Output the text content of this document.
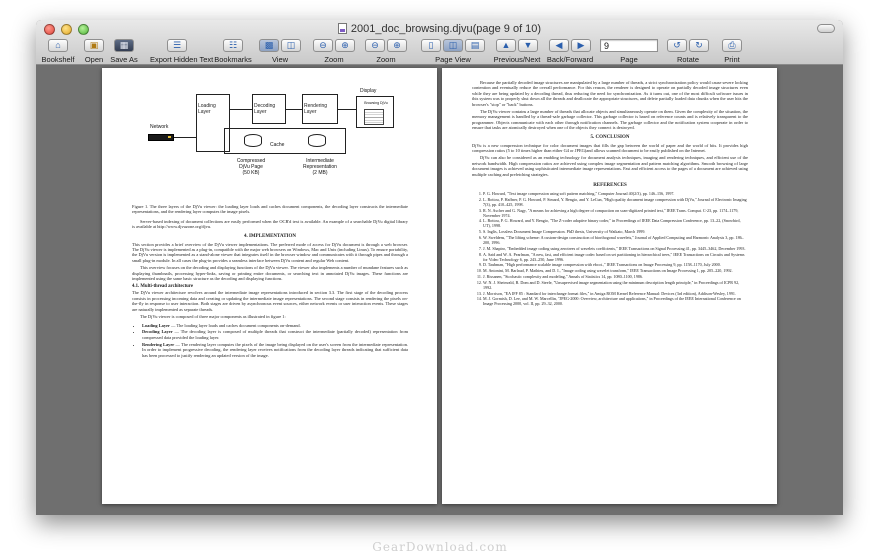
2001_doc_browsing.djvu(page 9 of 10)
⌂
Bookshelf
▣
Open
▦
Save As
☰
Export Hidden Text
☷
Bookmarks
▩	◫
View
⊖	⊕
Zoom
⊖	⊕
Zoom
▯	◫	▤
Page View
▲	▼
Previous/Next
◀	▶
Back/Forward
9	Page
↺	↻
Rotate
⎙
Print
Network
Loading
Layer
Decoding
Layer
Rendering
Layer
Cache
Display
Browsing DjVu
Compressed
DjVu Page
(50 KB)
Intermediate
Representation
(2 MB)

Figure 1. The three layers of the DjVu viewer: the loading layer loads and caches document components, the decoding layer constructs the intermediate representations, and the rendering layer computes the image pixels.

Server-based indexing of document collections are easily performed when the OCR'd text is available. An example of a searchable DjVu digital library is available at http://www.djvuzone.org/djvu.

4. IMPLEMENTATION

This section provides a brief overview of the DjVu viewer implementations. The preferred mode of access for DjVu document is through a web browser. The DjVu viewer is implemented as a plug-in, compatible with the major web browsers on Windows, Mac and Unix (including Linux). To ensure portability, the DjVu version is implemented as a stand-alone viewer that integrates itself in the browser window and communicates with it through pipes and through a small plug-in module. In all cases the plug-in provides a seamless interface between DjVu content and regular Web content.

This overview focuses on the decoding and displaying functions of the DjVu viewer. The viewer also implements a number of mundane features such as displaying thumbnails, processing hyper-links, saving or printing entire documents, or searching text in annotated DjVu images. These functions are implemented using the same basic structure as the decoding and displaying functions.

4.1. Multi-thread architecture

The DjVu viewer architecture revolves around the intermediate image representations introduced in section 3.3. The first stage of the decoding process consists in processing incoming data and creating or updating the intermediate image representations. The second stage consists in rendering the pixels on-the-fly in response to user interaction. Both stages are driven by asynchronous event sources, either network events or user interaction events. These stages are naturally implemented as separate threads.

The DjVu viewer is composed of three major components as illustrated in figure 1:

• Loading Layer — The loading layer loads and caches document components on-demand.
• Decoding Layer — The decoding layer is composed of multiple threads that construct the intermediate (partially decoded) representation from compressed data provided the loading layer.
• Rendering Layer — The rendering layer computes the pixels of the image being displayed on the user's screen from the intermediate representation. In order to implement progressive decoding, the rendering layer receives notifications from the decoding layer threads indicating that sufficient data has been processed to justify rendering an updated version of the image.

Because the partially decoded image structures are manipulated by a large number of threads, a strict synchronization policy would cause severe locking contention and eventually reduce the overall performance. For this reason, the renderer is designed to operate on partially decoded image structures even while they are being updated by a decoding thread, thus reducing the need for synchronization. As it turns out, one of the most difficult software issues in this system was to properly shut down all the threads and deallocate the appropriate structures, and delete partially loaded data chunks when the user hits the browser's "stop" or "back" buttons.

The DjVu viewer contains a large number of threads that allocate objects and simultaneously operate on them. Given the complexity of the situation, the memory management is handled by a thread-safe garbage collector. This garbage collector is based on reference counts and is relatively transparent to the programmer. Objects communicate with each other through notification channels. The garbage collector and the notification system cooperate in order to ensure that tasks are atomically destroyed when one of the objects they connect is destroyed.

5. CONCLUSION

DjVu is a new compression technique for color document images that fills the gap between the world of paper and the world of bits. It provides high compression ratios (5 to 10 times higher than either G4 or JPEG)and allows scanned document to be easily published on the Internet.

DjVu can also be considered as an enabling technology for document analysis techniques, imaging and rendering techniques, and efficient use of the network bandwidth. High compression ratios are achieved using complex image segmentation and pattern matching algorithms. Smooth browsing of large document images is achieved using sophisticated intermediate image representations. Fast and efficient access to the pages of a document are achieved using multiple caching and prefetching strategies.

REFERENCES
1. P. G. Howard, "Text image compression using soft pattern matching," Computer Journal 40(2/3), pp. 146–156, 1997.
2. L. Bottou, P. Haffner, P. G. Howard, P. Simard, Y. Bengio, and Y. LeCun, "High quality document image compression with DjVu," Journal of Electronic Imaging 7(3), pp. 410–425, 1998.
3. R. N. Ascher and G. Nagy, "A means for achieving a high degree of compaction on scan-digitized printed text," IEEE Trans. Comput. C-23, pp. 1174–1179, November 1974.
4. L. Bottou, P. G. Howard, and Y. Bengio, "The Z-coder adaptive binary coder," in Proceedings of IEEE Data Compression Conference, pp. 13–22, (Snowbird, UT), 1998.
5. S. Inglis, Lossless Document Image Compression. PhD thesis, University of Waikato, March 1999.
6. W. Sweldens, "The lifting scheme: A custom-design construction of biorthogonal wavelets," Journal of Applied Computing and Harmonic Analysis 3, pp. 186–200, 1996.
7. J. M. Shapiro, "Embedded image coding using zerotrees of wavelets coefficients," IEEE Transactions on Signal Processing 41, pp. 3445–3462, December 1993.
8. A. Said and W. A. Pearlman, "A new, fast, and efficient image codec based on set partitioning in hierarchical trees," IEEE Transactions on Circuits and Systems for Video Technology 6, pp. 243–250, June 1996.
9. D. Taubman, "High performance scalable image compression with ebcot.," IEEE Transactions on Image Processing 9, pp. 1158–1170, July 2000.
10. M. Antonini, M. Barlaud, P. Mathieu, and D. I., "Image coding using wavelet transform," IEEE Transactions on Image Processing 1, pp. 205–220, 1992.
11. J. Rissanen, "Stochastic complexity and modeling," Annals of Statistics 14, pp. 1080–1100, 1986.
12. W. N. J. Sheinvald, B. Dom and D. Steele, "Unsupervised image segmentation using the minimum description length principle," in Proceedings of ICPR 92, 1992.
13. J. Morrison, "EA IFF 85 : Standard for interchange format files," in Amiga ROM Kernel Reference Manual: Devices (3rd edition), Addison-Wesley, 1991.
14. M. J. Gormish, D. Lee, and M. W. Marcellin, "JPEG-2000: Overview, architecture and applications," in Proceedings of the IEEE International Conference on Image Processing 2000, vol. II, pp. 29–32, 2000.
GearDownload.com
